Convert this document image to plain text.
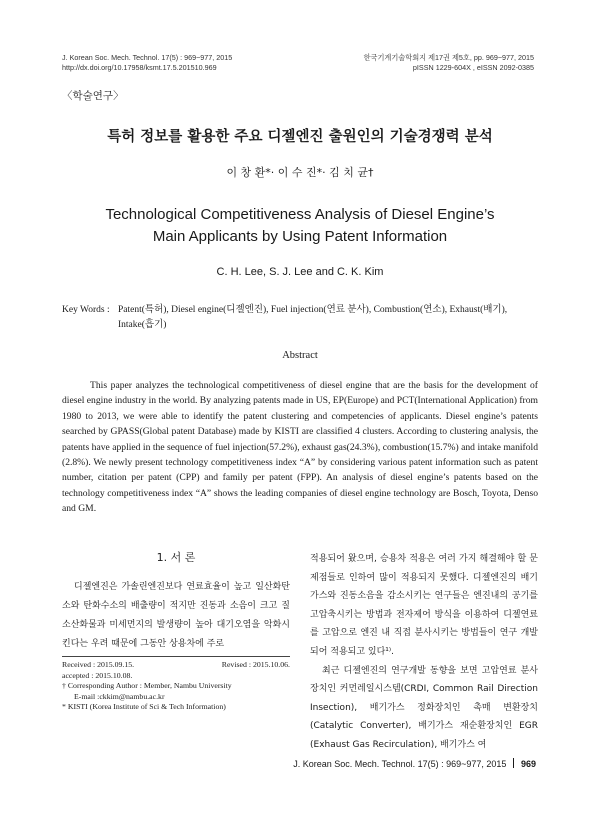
J. Korean Soc. Mech. Technol. 17(5) : 969~977, 2015
http://dx.doi.org/10.17958/ksmt.17.5.201510.969
한국기계기술학회지 제17권 제5호, pp. 969~977, 2015
pISSN 1229-604X , eISSN 2092-0385
〈학술연구〉
특허 정보를 활용한 주요 디젤엔진 출원인의 기술경쟁력 분석
이 창 환*· 이 수 진*· 김 치 균†
Technological Competitiveness Analysis of Diesel Engine’s
Main Applicants by Using Patent Information
C. H. Lee, S. J. Lee and C. K. Kim
Key Words : Patent(특허), Diesel engine(디젤엔진), Fuel injection(연료 분사), Combustion(연소), Exhaust(배기),
Intake(흡기)
Abstract
This paper analyzes the technological competitiveness of diesel engine that are the basis for the development of diesel engine industry in the world. By analyzing patents made in US, EP(Europe) and PCT(International Application) from 1980 to 2013, we were able to identify the patent clustering and competencies of applicants. Diesel engine’s patents searched by GPASS(Global patent Database) made by KISTI are classified 4 clusters. According to clustering analysis, the patents have applied in the sequence of fuel injection(57.2%), exhaust gas(24.3%), combustion(15.7%) and intake manifold (2.8%). We newly present technology competitiveness index “A” by considering various patent information such as patent number, citation per patent (CPP) and family per patent (FPP). An analysis of diesel engine’s patents based on the technology competitiveness index “A” shows the leading companies of diesel engine technology are Bosch, Toyota, Denso and GM.
1. 서 론
디젤엔진은 가솔린엔진보다 연료효율이 높고 일산화탄소와 탄화수소의 배출량이 적지만 진동과 소음이 크고 질소산화물과 미세먼지의 발생량이 높아 대기오염을 악화시킨다는 우려 때문에 그동안 상용차에 주로
Received : 2015.09.15.	Revised : 2015.10.06.
accepted : 2015.10.08.
† Corresponding Author : Member, Nambu University
E-mail :ckkim@nambu.ac.kr
* KISTI (Korea Institute of Sci & Tech Information)
적용되어 왔으며, 승용차 적용은 여러 가지 해결해야 할 문제점들로 인하여 많이 적용되지 못했다. 디젤엔진의 배기가스와 진동소음을 감소시키는 연구들은 엔진내의 공기를 고압축시키는 방법과 전자제어 방식을 이용하여 디젤연료를 고압으로 엔진 내 직접 분사시키는 방법들이 연구 개발되어 적용되고 있다¹⁾.
최근 디젤엔진의 연구개발 동향을 보면 고압연료 분사장치인 커먼레일시스템(CRDI, Common Rail Direction Insection), 배기가스 정화장치인 촉매 변환장치 (Catalytic Converter), 배기가스 재순환장치인 EGR (Exhaust Gas Recirculation), 배기가스 여
J. Korean Soc. Mech. Technol. 17(5) : 969~977, 2015 969
